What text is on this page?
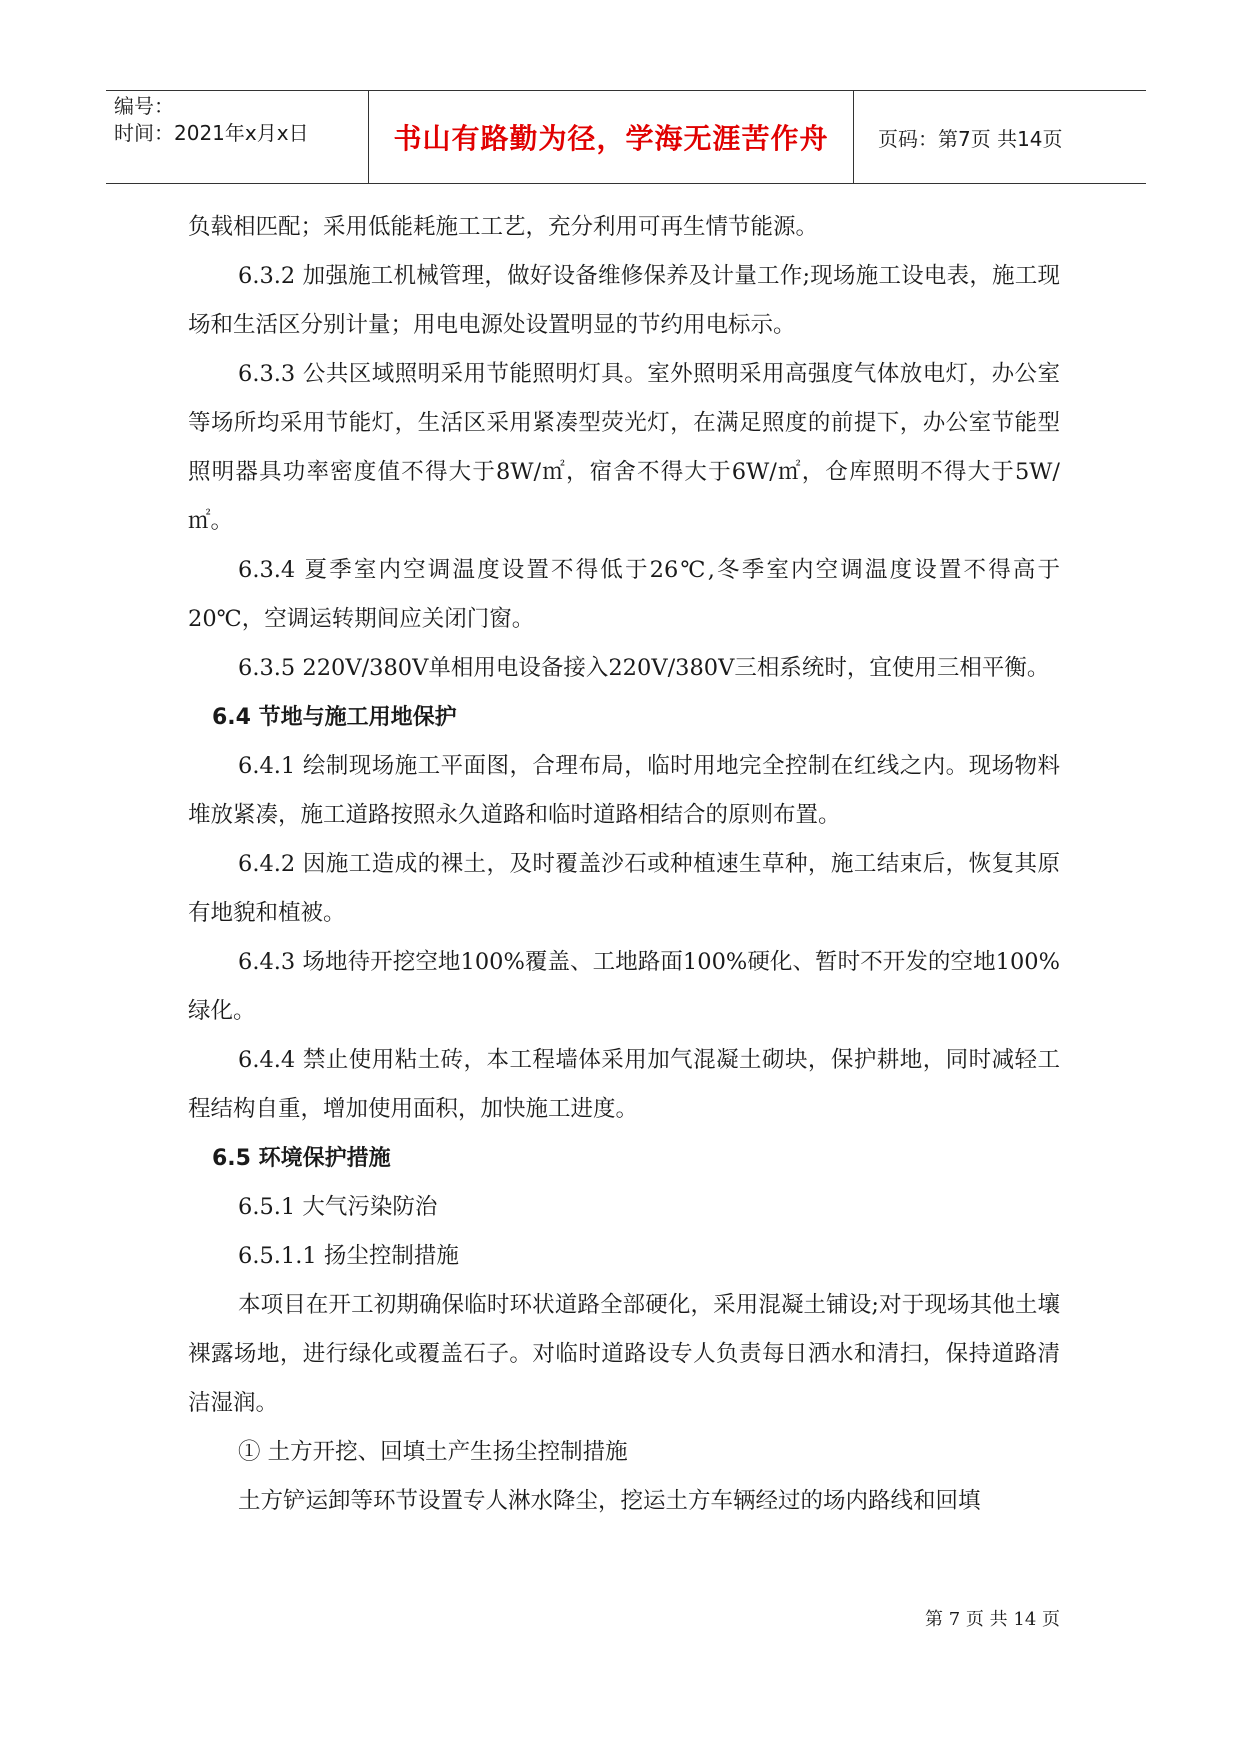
编号：
时间：2021年x月x日	书山有路勤为径，学海无涯苦作舟	页码：第7页 共14页

负载相匹配；采用低能耗施工工艺，充分利用可再生情节能源。

6.3.2 加强施工机械管理，做好设备维修保养及计量工作;现场施工设电表，施工现场和生活区分别计量；用电电源处设置明显的节约用电标示。

6.3.3 公共区域照明采用节能照明灯具。室外照明采用高强度气体放电灯，办公室等场所均采用节能灯，生活区采用紧凑型荧光灯，在满足照度的前提下，办公室节能型照明器具功率密度值不得大于8W/㎡，宿舍不得大于6W/㎡，仓库照明不得大于5W/㎡。

6.3.4 夏季室内空调温度设置不得低于26℃,冬季室内空调温度设置不得高于20℃，空调运转期间应关闭门窗。

6.3.5 220V/380V单相用电设备接入220V/380V三相系统时，宜使用三相平衡。

6.4 节地与施工用地保护

6.4.1 绘制现场施工平面图，合理布局，临时用地完全控制在红线之内。现场物料堆放紧凑，施工道路按照永久道路和临时道路相结合的原则布置。

6.4.2 因施工造成的裸土，及时覆盖沙石或种植速生草种，施工结束后，恢复其原有地貌和植被。

6.4.3 场地待开挖空地100%覆盖、工地路面100%硬化、暂时不开发的空地100%绿化。

6.4.4 禁止使用粘土砖，本工程墙体采用加气混凝土砌块，保护耕地，同时减轻工程结构自重，增加使用面积，加快施工进度。

6.5 环境保护措施

6.5.1 大气污染防治

6.5.1.1 扬尘控制措施

本项目在开工初期确保临时环状道路全部硬化，采用混凝土铺设;对于现场其他土壤裸露场地，进行绿化或覆盖石子。对临时道路设专人负责每日洒水和清扫，保持道路清洁湿润。

① 土方开挖、回填土产生扬尘控制措施

土方铲运卸等环节设置专人淋水降尘，挖运土方车辆经过的场内路线和回填

第 7 页 共 14 页
